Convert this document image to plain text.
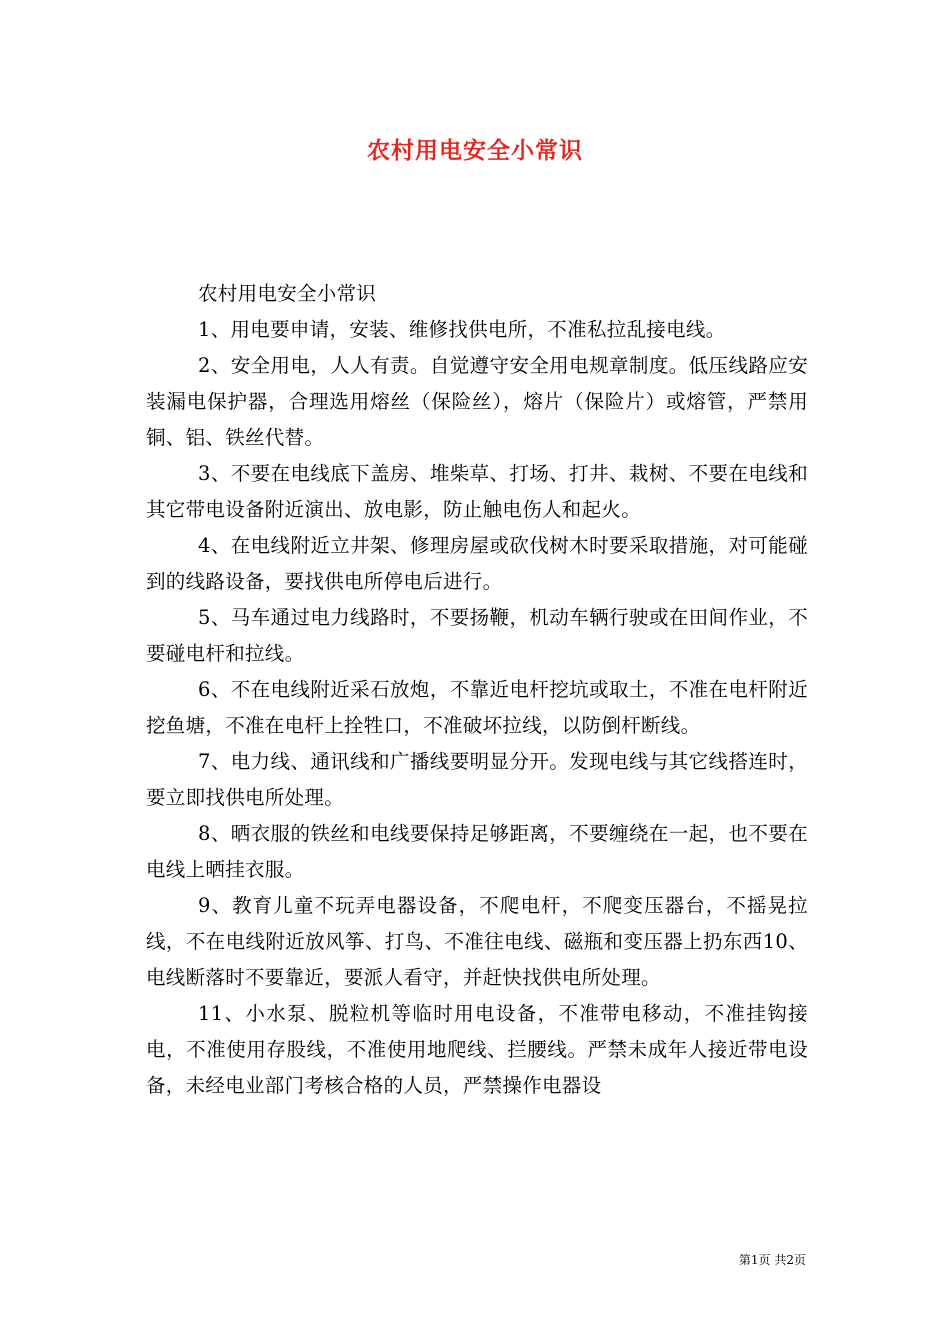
农村用电安全小常识

农村用电安全小常识

1、用电要申请，安装、维修找供电所，不准私拉乱接电线。

2、安全用电，人人有责。自觉遵守安全用电规章制度。低压线路应安装漏电保护器，合理选用熔丝（保险丝），熔片（保险片）或熔管，严禁用铜、铝、铁丝代替。

3、不要在电线底下盖房、堆柴草、打场、打井、栽树、不要在电线和其它带电设备附近演出、放电影，防止触电伤人和起火。

4、在电线附近立井架、修理房屋或砍伐树木时要采取措施，对可能碰到的线路设备，要找供电所停电后进行。

5、马车通过电力线路时，不要扬鞭，机动车辆行驶或在田间作业，不要碰电杆和拉线。

6、不在电线附近采石放炮，不靠近电杆挖坑或取土，不准在电杆附近挖鱼塘，不准在电杆上拴牲口，不准破坏拉线，以防倒杆断线。

7、电力线、通讯线和广播线要明显分开。发现电线与其它线搭连时，要立即找供电所处理。

8、晒衣服的铁丝和电线要保持足够距离，不要缠绕在一起，也不要在电线上晒挂衣服。

9、教育儿童不玩弄电器设备，不爬电杆，不爬变压器台，不摇晃拉线，不在电线附近放风筝、打鸟、不准往电线、磁瓶和变压器上扔东西10、电线断落时不要靠近，要派人看守，并赶快找供电所处理。

11、小水泵、脱粒机等临时用电设备，不准带电移动，不准挂钩接电，不准使用存股线，不准使用地爬线、拦腰线。严禁未成年人接近带电设备，未经电业部门考核合格的人员，严禁操作电器设

第1页 共2页
